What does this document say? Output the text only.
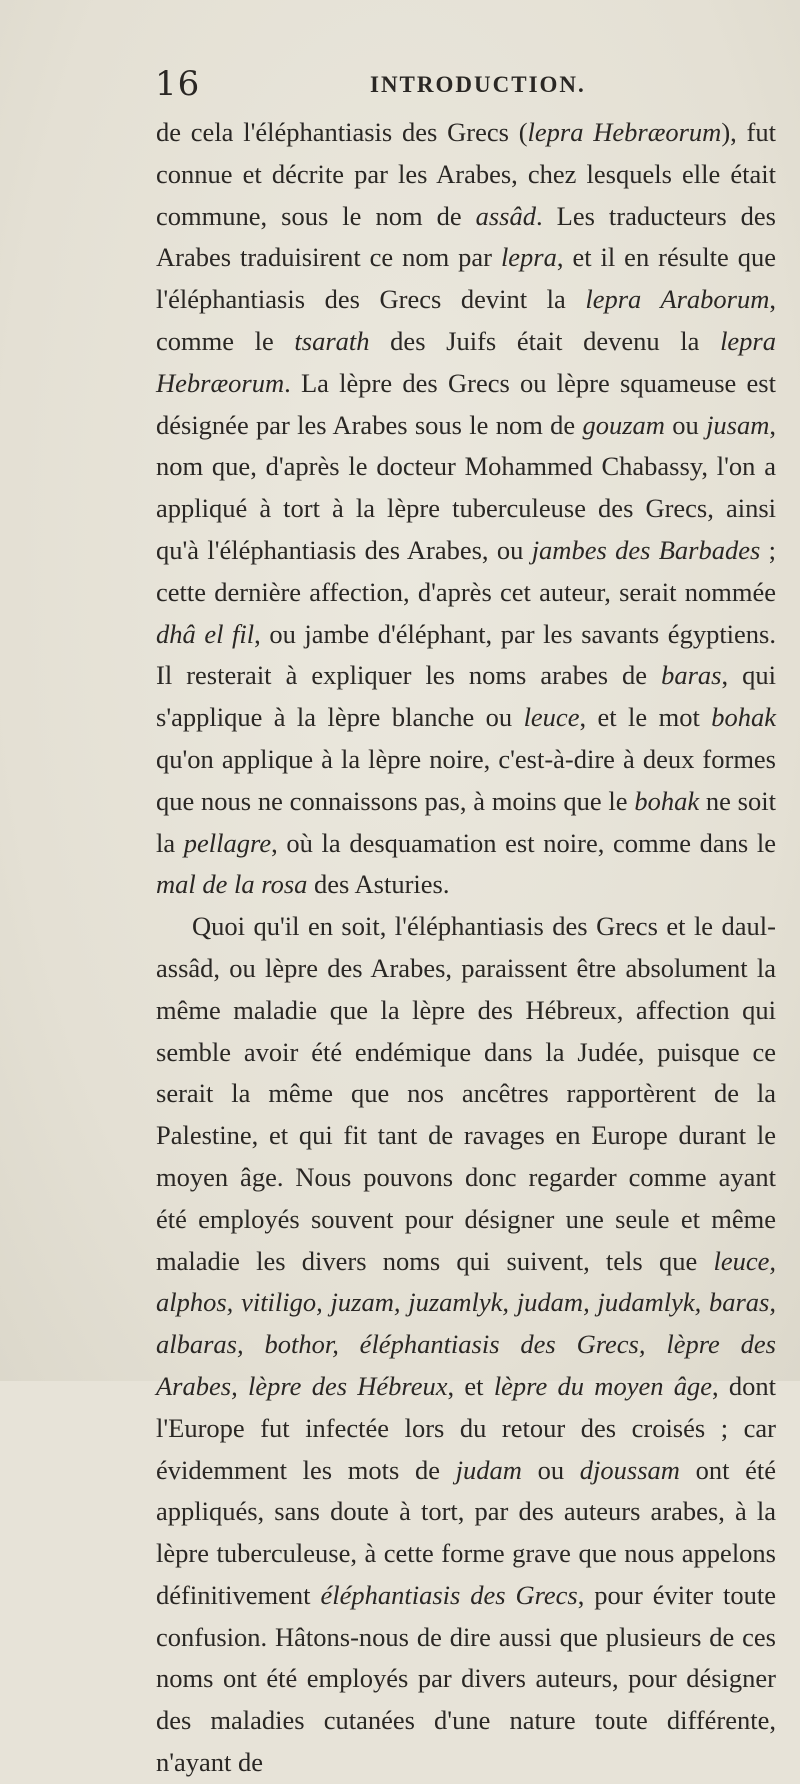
16	INTRODUCTION.

de cela l'éléphantiasis des Grecs (lepra Hebræorum), fut connue et décrite par les Arabes, chez lesquels elle était commune, sous le nom de assâd. Les traducteurs des Arabes traduisirent ce nom par lepra, et il en résulte que l'éléphantiasis des Grecs devint la lepra Araborum, comme le tsarath des Juifs était devenu la lepra Hebræorum. La lèpre des Grecs ou lèpre squameuse est désignée par les Arabes sous le nom de gouzam ou jusam, nom que, d'après le docteur Mohammed Chabassy, l'on a appliqué à tort à la lèpre tuberculeuse des Grecs, ainsi qu'à l'éléphantiasis des Arabes, ou jambes des Barbades ; cette dernière affection, d'après cet auteur, serait nommée dhâ el fil, ou jambe d'éléphant, par les savants égyptiens. Il resterait à expliquer les noms arabes de baras, qui s'applique à la lèpre blanche ou leuce, et le mot bohak qu'on applique à la lèpre noire, c'est-à-dire à deux formes que nous ne connaissons pas, à moins que le bohak ne soit la pellagre, où la desquamation est noire, comme dans le mal de la rosa des Asturies.

Quoi qu'il en soit, l'éléphantiasis des Grecs et le daul-assâd, ou lèpre des Arabes, paraissent être absolument la même maladie que la lèpre des Hébreux, affection qui semble avoir été endémique dans la Judée, puisque ce serait la même que nos ancêtres rapportèrent de la Palestine, et qui fit tant de ravages en Europe durant le moyen âge. Nous pouvons donc regarder comme ayant été employés souvent pour désigner une seule et même maladie les divers noms qui suivent, tels que leuce, alphos, vitiligo, juzam, juzamlyk, judam, judamlyk, baras, albaras, bothor, éléphantiasis des Grecs, lèpre des Arabes, lèpre des Hébreux, et lèpre du moyen âge, dont l'Europe fut infectée lors du retour des croisés ; car évidemment les mots de judam ou djoussam ont été appliqués, sans doute à tort, par des auteurs arabes, à la lèpre tuberculeuse, à cette forme grave que nous appelons définitivement éléphantiasis des Grecs, pour éviter toute confusion. Hâtons-nous de dire aussi que plusieurs de ces noms ont été employés par divers auteurs, pour désigner des maladies cutanées d'une nature toute différente, n'ayant de
